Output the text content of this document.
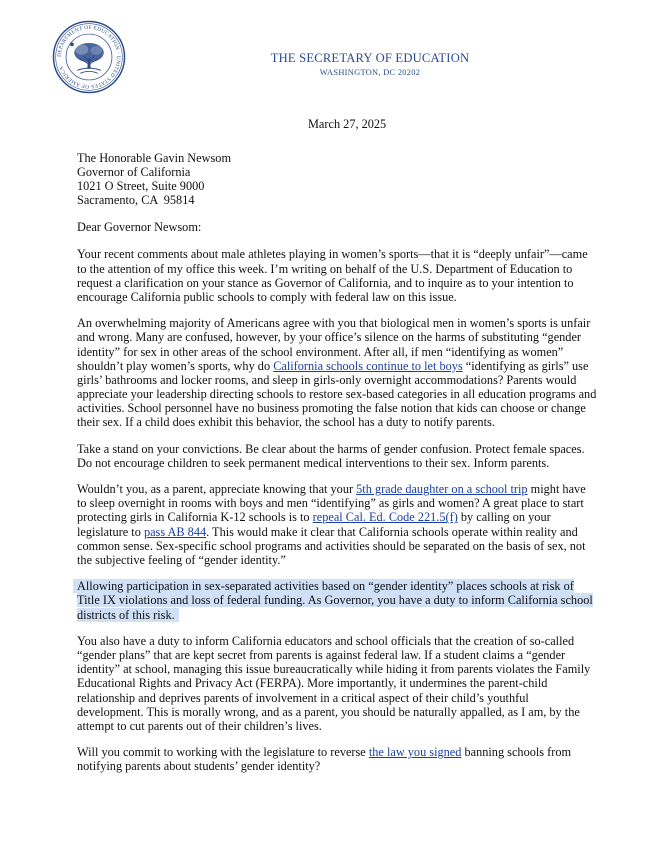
DEPARTMENT OF EDUCATION · UNITED STATES OF AMERICA ·	THE SECRETARY OF EDUCATION
WASHINGTON, DC 20202
March 27, 2025
The Honorable Gavin Newsom
Governor of California
1021 O Street, Suite 9000
Sacramento, CA  95814

Dear Governor Newsom:

Your recent comments about male athletes playing in women’s sports—that it is “deeply unfair”—came to the attention of my office this week. I’m writing on behalf of the U.S. Department of Education to request a clarification on your stance as Governor of California, and to inquire as to your intention to encourage California public schools to comply with federal law on this issue.

An overwhelming majority of Americans agree with you that biological men in women’s sports is unfair and wrong. Many are confused, however, by your office’s silence on the harms of substituting “gender identity” for sex in other areas of the school environment. After all, if men “identifying as women” shouldn’t play women’s sports, why do California schools continue to let boys “identifying as girls” use girls’ bathrooms and locker rooms, and sleep in girls-only overnight accommodations? Parents would appreciate your leadership directing schools to restore sex-based categories in all education programs and activities. School personnel have no business promoting the false notion that kids can choose or change their sex. If a child does exhibit this behavior, the school has a duty to notify parents.

Take a stand on your convictions. Be clear about the harms of gender confusion. Protect female spaces. Do not encourage children to seek permanent medical interventions to their sex. Inform parents.

Wouldn’t you, as a parent, appreciate knowing that your 5th grade daughter on a school trip might have to sleep overnight in rooms with boys and men “identifying” as girls and women? A great place to start protecting girls in California K-12 schools is to repeal Cal. Ed. Code 221.5(f) by calling on your legislature to pass AB 844. This would make it clear that California schools operate within reality and common sense. Sex-specific school programs and activities should be separated on the basis of sex, not the subjective feeling of “gender identity.”

Allowing participation in sex-separated activities based on “gender identity” places schools at risk of Title IX violations and loss of federal funding. As Governor, you have a duty to inform California school districts of this risk.

You also have a duty to inform California educators and school officials that the creation of so-called “gender plans” that are kept secret from parents is against federal law. If a student claims a “gender identity” at school, managing this issue bureaucratically while hiding it from parents violates the Family Educational Rights and Privacy Act (FERPA). More importantly, it undermines the parent-child relationship and deprives parents of involvement in a critical aspect of their child’s youthful development. This is morally wrong, and as a parent, you should be naturally appalled, as I am, by the attempt to cut parents out of their children’s lives.

Will you commit to working with the legislature to reverse the law you signed banning schools from notifying parents about students’ gender identity?
